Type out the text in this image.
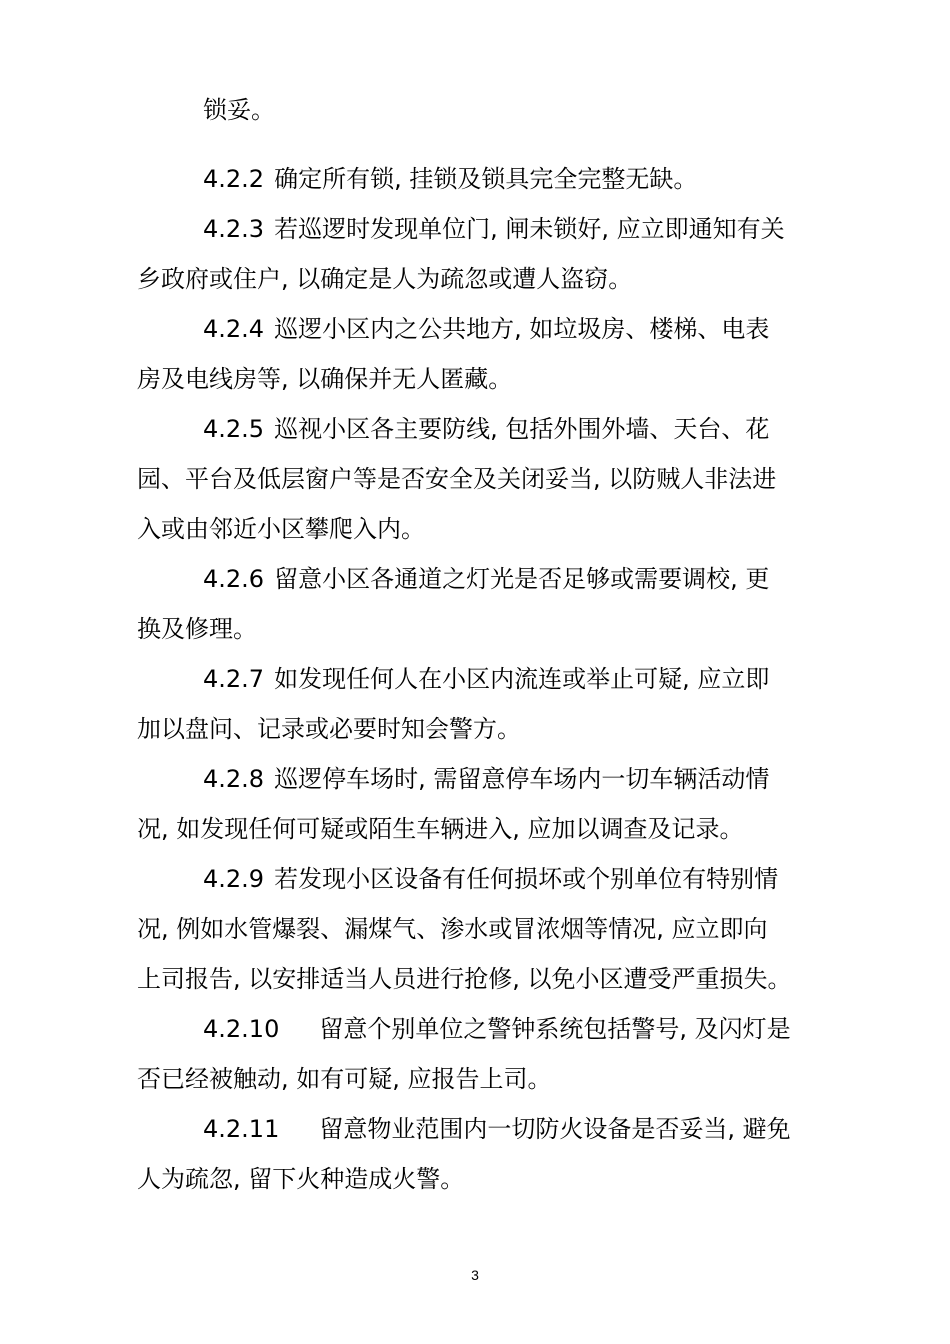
锁妥。
4.2.2 确定所有锁, 挂锁及锁具完全完整无缺。
4.2.3 若巡逻时发现单位门, 闸未锁好, 应立即通知有关
乡政府或住户, 以确定是人为疏忽或遭人盗窃。
4.2.4 巡逻小区内之公共地方, 如垃圾房、楼梯、电表
房及电线房等, 以确保并无人匿藏。
4.2.5 巡视小区各主要防线, 包括外围外墙、天台、花
园、平台及低层窗户等是否安全及关闭妥当, 以防贼人非法进
入或由邻近小区攀爬入内。
4.2.6 留意小区各通道之灯光是否足够或需要调校, 更
换及修理。
4.2.7 如发现任何人在小区内流连或举止可疑, 应立即
加以盘问、记录或必要时知会警方。
4.2.8 巡逻停车场时, 需留意停车场内一切车辆活动情
况, 如发现任何可疑或陌生车辆进入, 应加以调查及记录。
4.2.9 若发现小区设备有任何损坏或个别单位有特别情
况, 例如水管爆裂、漏煤气、渗水或冒浓烟等情况, 应立即向
上司报告, 以安排适当人员进行抢修, 以免小区遭受严重损失。
4.2.10 留意个别单位之警钟系统包括警号, 及闪灯是
否已经被触动, 如有可疑, 应报告上司。
4.2.11 留意物业范围内一切防火设备是否妥当, 避免
人为疏忽, 留下火种造成火警。
3
